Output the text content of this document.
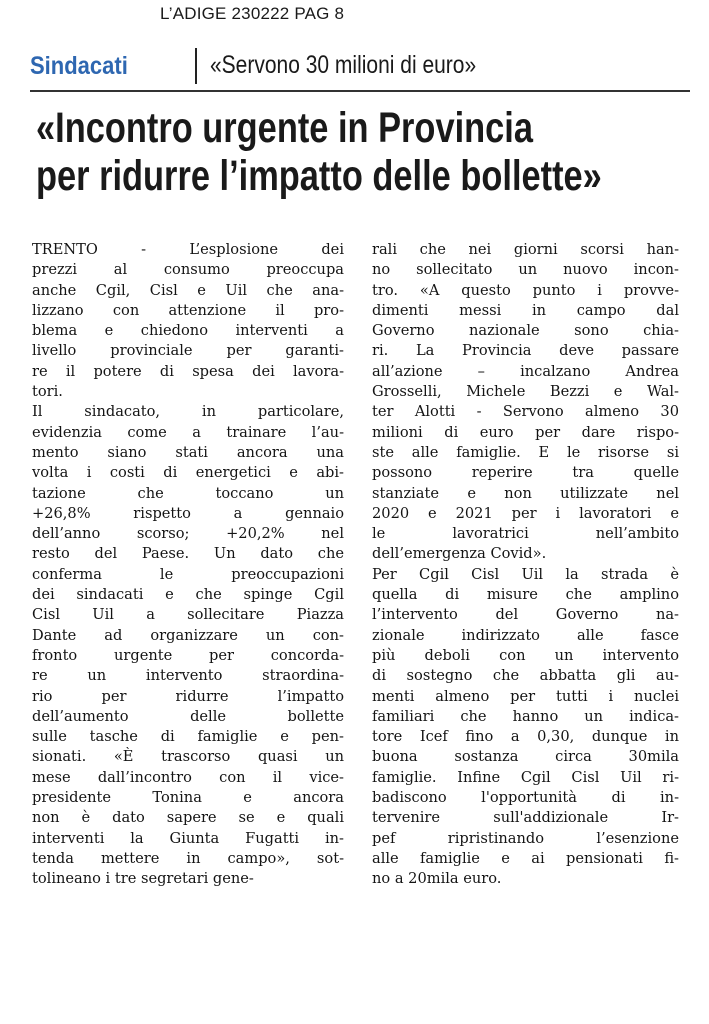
L’ADIGE 230222 PAG 8
Sindacati	«Servono 30 milioni di euro»
«Incontro urgente in Provincia
per ridurre l’impatto delle bollette»
TRENTO - L’esplosione dei
prezzi al consumo preoccupa
anche Cgil, Cisl e Uil che ana-
lizzano con attenzione il pro-
blema e chiedono interventi a
livello provinciale per garanti-
re il potere di spesa dei lavora-
tori.
Il sindacato, in particolare,
evidenzia come a trainare l’au-
mento siano stati ancora una
volta i costi di energetici e abi-
tazione che toccano un
+26,8% rispetto a gennaio
dell’anno scorso; +20,2% nel
resto del Paese. Un dato che
conferma le preoccupazioni
dei sindacati e che spinge Cgil
Cisl Uil a sollecitare Piazza
Dante ad organizzare un con-
fronto urgente per concorda-
re un intervento straordina-
rio per ridurre l’impatto
dell’aumento delle bollette
sulle tasche di famiglie e pen-
sionati. «È trascorso quasi un
mese dall’incontro con il vice-
presidente Tonina e ancora
non è dato sapere se e quali
interventi la Giunta Fugatti in-
tenda mettere in campo», sot-
tolineano i tre segretari gene-
rali che nei giorni scorsi han-
no sollecitato un nuovo incon-
tro. «A questo punto i provve-
dimenti messi in campo dal
Governo nazionale sono chia-
ri. La Provincia deve passare
all’azione – incalzano Andrea
Grosselli, Michele Bezzi e Wal-
ter Alotti - Servono almeno 30
milioni di euro per dare rispo-
ste alle famiglie. E le risorse si
possono reperire tra quelle
stanziate e non utilizzate nel
2020 e 2021 per i lavoratori e
le lavoratrici nell’ambito
dell’emergenza Covid».
Per Cgil Cisl Uil la strada è
quella di misure che amplino
l’intervento del Governo na-
zionale indirizzato alle fasce
più deboli con un intervento
di sostegno che abbatta gli au-
menti almeno per tutti i nuclei
familiari che hanno un indica-
tore Icef fino a 0,30, dunque in
buona sostanza circa 30mila
famiglie. Infine Cgil Cisl Uil ri-
badiscono l'opportunità di in-
tervenire sull'addizionale Ir-
pef ripristinando l’esenzione
alle famiglie e ai pensionati fi-
no a 20mila euro.
